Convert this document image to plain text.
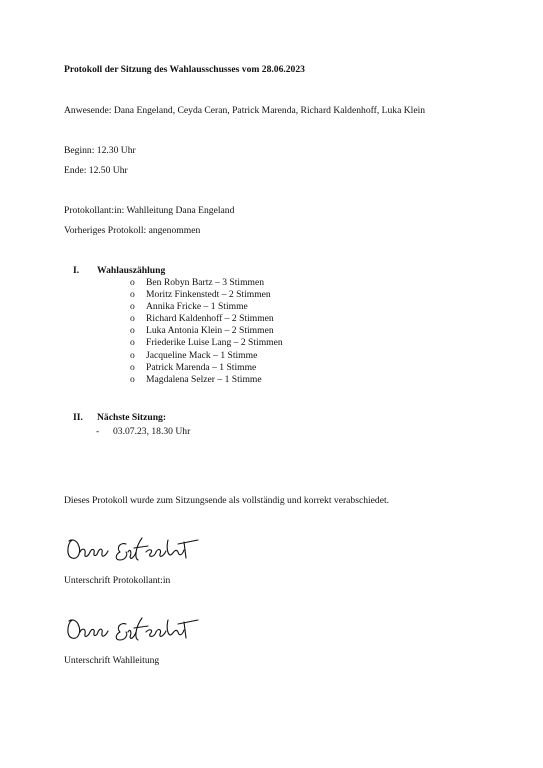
Protokoll der Sitzung des Wahlausschusses vom 28.06.2023

Anwesende: Dana Engeland, Ceyda Ceran, Patrick Marenda, Richard Kaldenhoff, Luka Klein

Beginn: 12.30 Uhr

Ende: 12.50 Uhr

Protokollant:in: Wahlleitung Dana Engeland

Vorheriges Protokoll: angenommen

I. Wahlauszählung
o Ben Robyn Bartz – 3 Stimmen
o Moritz Finkenstedt – 2 Stimmen
o Annika Fricke – 1 Stimme
o Richard Kaldenhoff – 2 Stimmen
o Luka Antonia Klein – 2 Stimmen
o Friederike Luise Lang – 2 Stimmen
o Jacqueline Mack – 1 Stimme
o Patrick Marenda – 1 Stimme
o Magdalena Selzer – 1 Stimme
II. Nächste Sitzung:
- 03.07.23, 18.30 Uhr

Dieses Protokoll wurde zum Sitzungsende als vollständig und korrekt verabschiedet.

Unterschrift Protokollant:in

Unterschrift Wahlleitung
